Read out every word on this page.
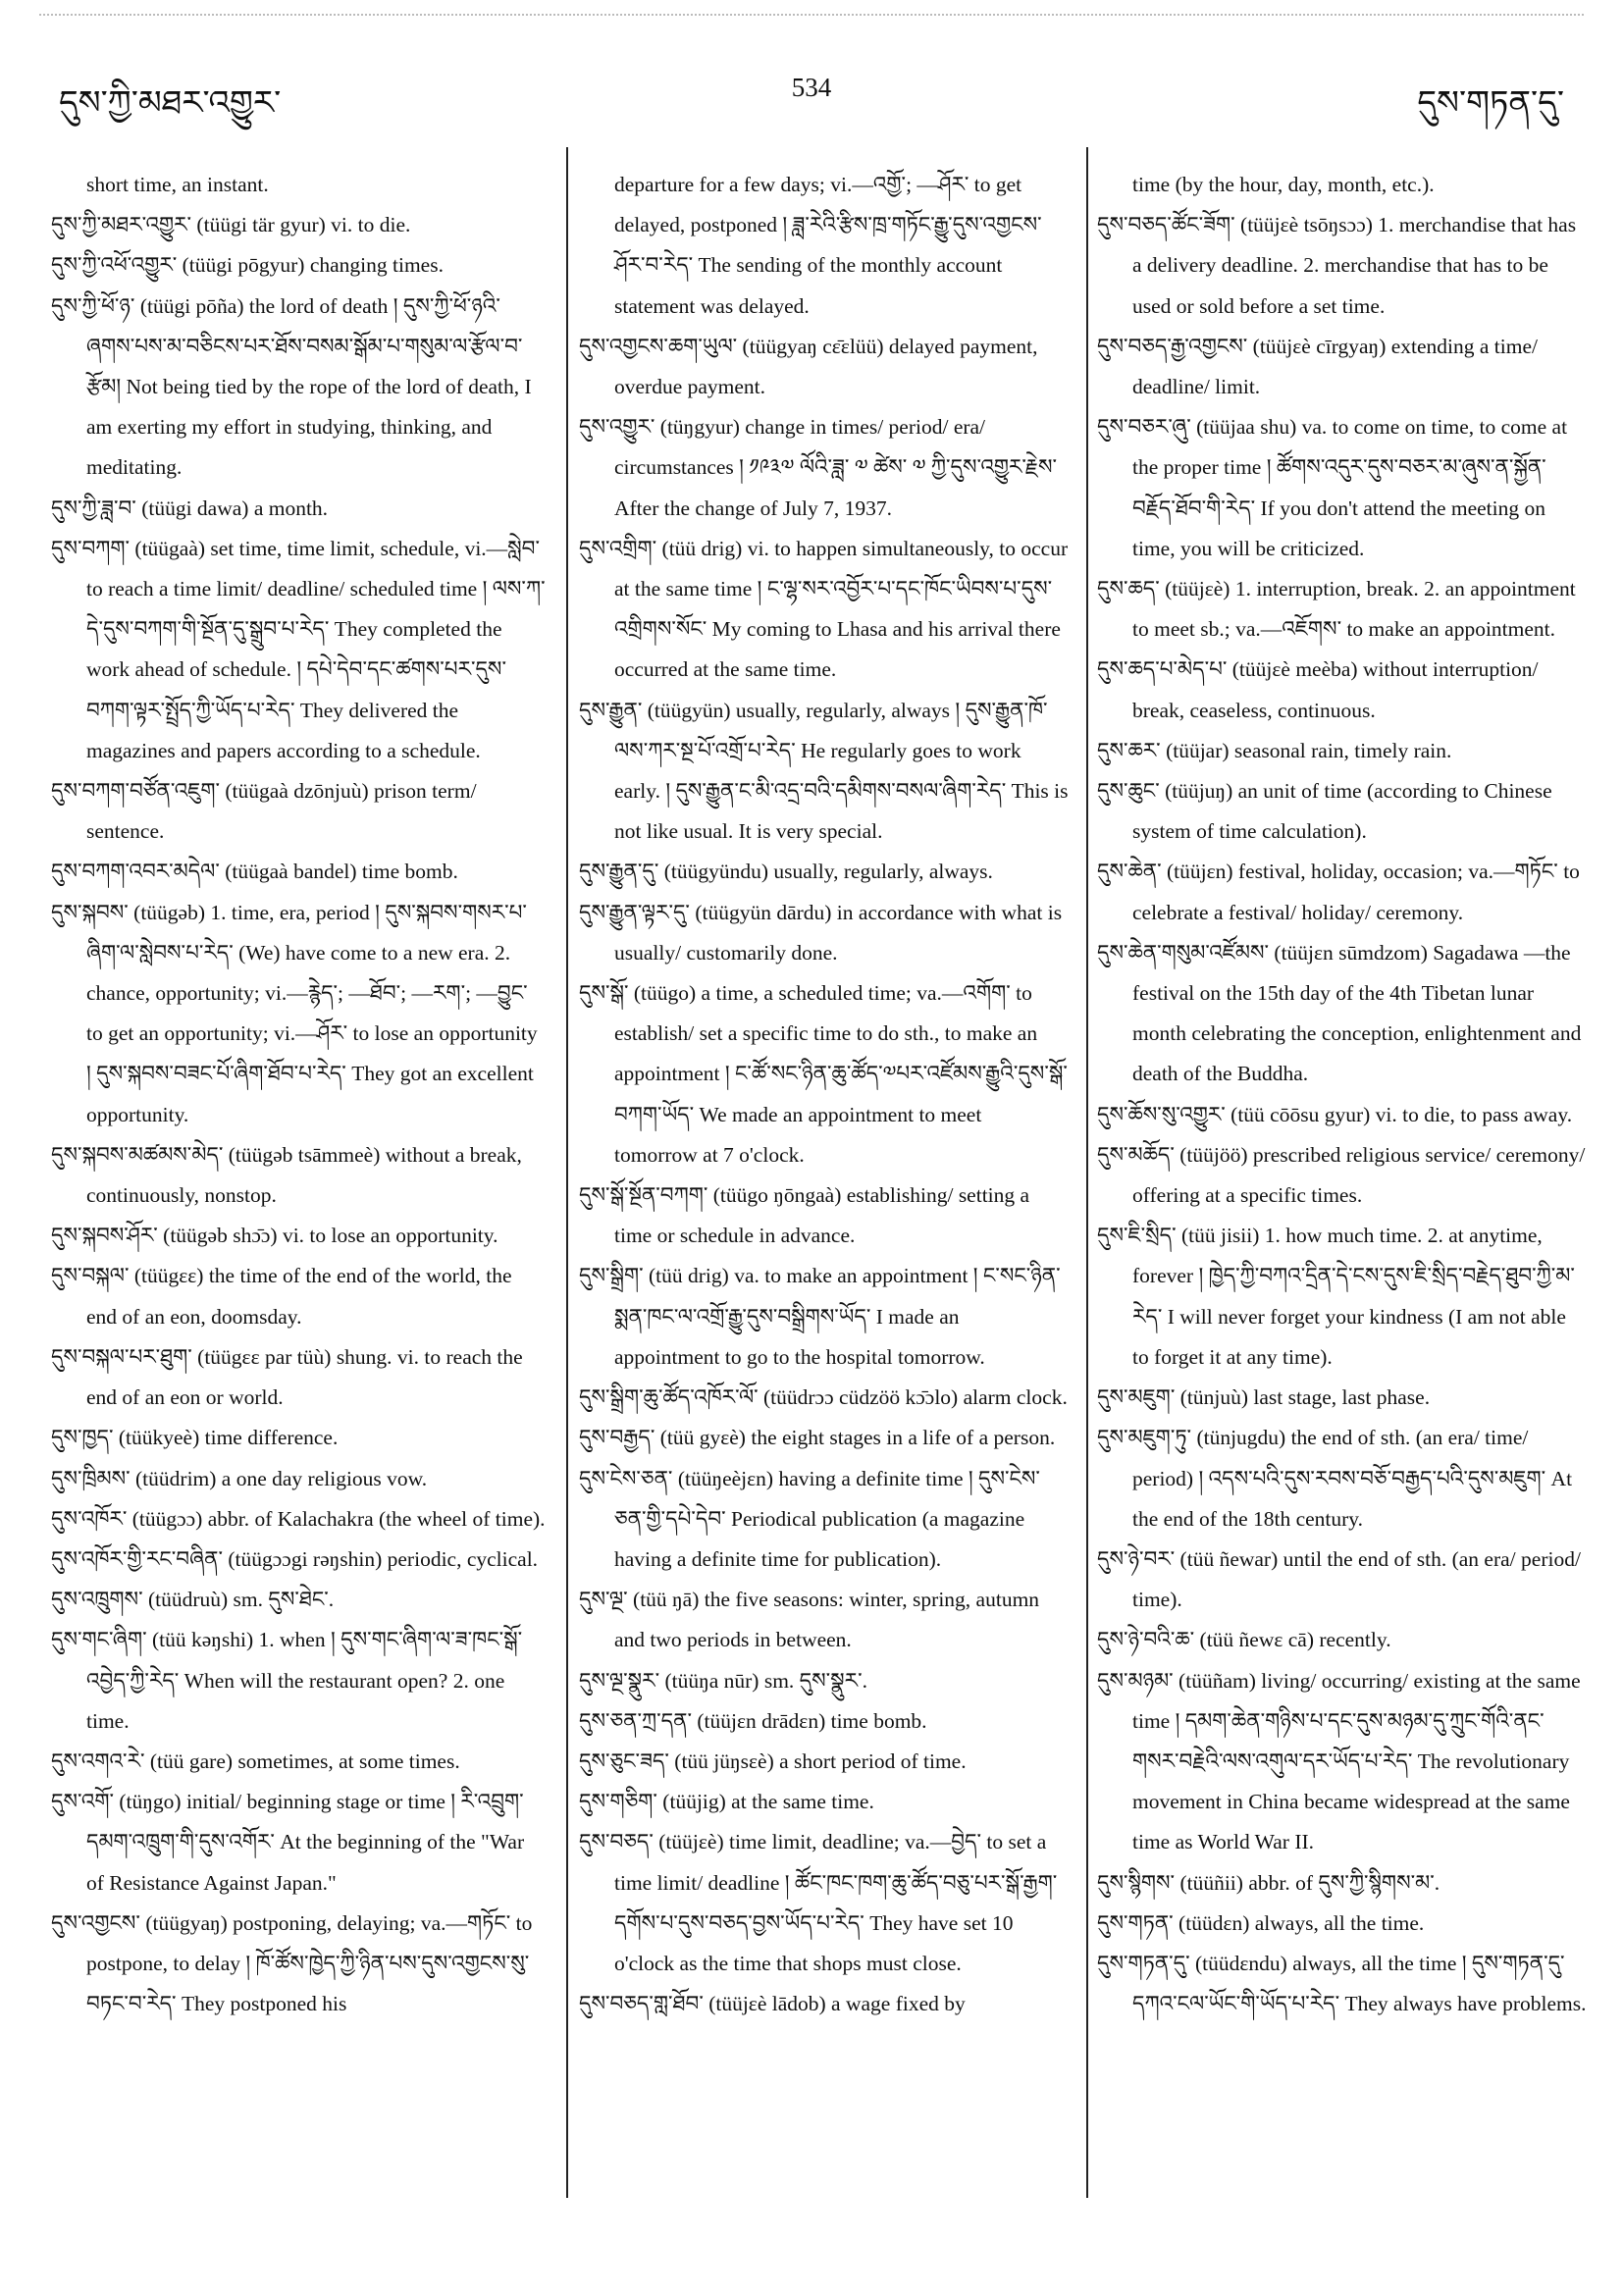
དུས་ཀྱི་མཐར་འགྱུར་	534	དུས་གཏན་དུ་

short time, an instant.

དུས་ཀྱི་མཐར་འགྱུར་ (tüügi tär gyur) vi. to die.

དུས་ཀྱི་འཕོ་འགྱུར་ (tüügi pōgyur) changing times.

དུས་ཀྱི་ཕོ་ཉ་ (tüügi pōña) the lord of death ། དུས་ཀྱི་ཕོ་ཉའི་ཞགས་པས་མ་བཅིངས་པར་ཐོས་བསམ་སྒོམ་པ་གསུམ་ལ་རྩོལ་བ་རྩོམ། Not being tied by the rope of the lord of death, I am exerting my effort in studying, thinking, and meditating.

དུས་ཀྱི་ཟླ་བ་ (tüügi dawa) a month.

དུས་བཀག་ (tüügaà) set time, time limit, schedule, vi.—སླེབ་ to reach a time limit/ deadline/ scheduled time ། ལས་ཀ་དེ་དུས་བཀག་གི་སྔོན་དུ་སྒྲུབ་པ་རེད་ They completed the work ahead of schedule. ། དཔེ་དེབ་དང་ཚགས་པར་དུས་བཀག་ལྟར་སྤྲོད་ཀྱི་ཡོད་པ་རེད་ They delivered the magazines and papers according to a schedule.

དུས་བཀག་བཙོན་འཇུག་ (tüügaà dzōnjuù) prison term/ sentence.

དུས་བཀག་འབར་མདེལ་ (tüügaà bandel) time bomb.

དུས་སྐབས་ (tüügəb) 1. time, era, period ། དུས་སྐབས་གསར་པ་ཞིག་ལ་སླེབས་པ་རེད་ (We) have come to a new era. 2. chance, opportunity; vi.—རྙེད་; —ཐོབ་; —རག་; —བྱུང་ to get an opportunity; vi.—ཤོར་ to lose an opportunity ། དུས་སྐབས་བཟང་པོ་ཞིག་ཐོབ་པ་རེད་ They got an excellent opportunity.

དུས་སྐབས་མཚམས་མེད་ (tüügəb tsāmmeè) without a break, continuously, nonstop.

དུས་སྐབས་ཤོར་ (tüügəb shɔ̄ɔ) vi. to lose an opportunity.

དུས་བསྐལ་ (tüügɛɛ) the time of the end of the world, the end of an eon, doomsday.

དུས་བསྐལ་པར་ཐུག་ (tüügɛɛ par tüù) shung. vi. to reach the end of an eon or world.

དུས་ཁྱད་ (tüükyeè) time difference.

དུས་ཁྲིམས་ (tüüdrim) a one day religious vow.

དུས་འཁོར་ (tüügɔɔ) abbr. of Kalachakra (the wheel of time).

དུས་འཁོར་གྱི་རང་བཞིན་ (tüügɔɔgi rəŋshin) periodic, cyclical.

དུས་འཁྲུགས་ (tüüdruù) sm. དུས་ཐེང་.

དུས་གང་ཞིག་ (tüü kəŋshi) 1. when ། དུས་གང་ཞིག་ལ་ཟ་ཁང་སྒོ་འབྱེད་ཀྱི་རེད་ When will the restaurant open? 2. one time.

དུས་འགའ་རེ་ (tüü gare) sometimes, at some times.

དུས་འགོ་ (tüŋgo) initial/ beginning stage or time ། རི་འབྲུག་དམག་འཁྲུག་གི་དུས་འགོར་ At the beginning of the "War of Resistance Against Japan."

དུས་འགྱངས་ (tüügyaŋ) postponing, delaying; va.—གཏོང་ to postpone, to delay ། ཁོ་ཚོས་ཁྱེད་ཀྱི་ཉིན་པས་དུས་འགྱངས་སུ་བཏང་བ་རེད་ They postponed his

departure for a few days; vi.—འགྱོ་; —ཤོར་ to get delayed, postponed ། ཟླ་རེའི་རྩིས་ཁྲ་གཏོང་རྒྱུ་དུས་འགྱངས་ཤོར་བ་རེད་ The sending of the monthly account statement was delayed.

དུས་འགྱངས་ཆག་ཡུལ་ (tüügyaŋ cɛ̄ɛlüü) delayed payment, overdue payment.

དུས་འགྱུར་ (tüŋgyur) change in times/ period/ era/ circumstances ། ༡༩༣༧ ལོའི་ཟླ་ ༧ ཚེས་ ༧ ཀྱི་དུས་འགྱུར་རྗེས་ After the change of July 7, 1937.

དུས་འགྲིག་ (tüü drig) vi. to happen simultaneously, to occur at the same time ། ང་ལྷ་སར་འབྱོར་པ་དང་ཁོང་ཡིབས་པ་དུས་འགྲིགས་སོང་ My coming to Lhasa and his arrival there occurred at the same time.

དུས་རྒྱུན་ (tüügyün) usually, regularly, always ། དུས་རྒྱུན་ཁོ་ལས་ཀར་སྔ་པོ་འགྲོ་པ་རེད་ He regularly goes to work early. ། དུས་རྒྱུན་ང་མི་འདྲ་བའི་དམིགས་བསལ་ཞིག་རེད་ This is not like usual. It is very special.

དུས་རྒྱུན་དུ་ (tüügyündu) usually, regularly, always.

དུས་རྒྱུན་ལྟར་དུ་ (tüügyün dārdu) in accordance with what is usually/ customarily done.

དུས་སྒོ་ (tüügo) a time, a scheduled time; va.—འགོག་ to establish/ set a specific time to do sth., to make an appointment ། ང་ཚོ་སང་ཉིན་ཆུ་ཚོད་༧པར་འཛོམས་རྒྱུའི་དུས་སྒོ་བཀག་ཡོད་ We made an appointment to meet tomorrow at 7 o'clock.

དུས་སྒོ་སྔོན་བཀག་ (tüügo ŋōngaà) establishing/ setting a time or schedule in advance.

དུས་སྒྲིག་ (tüü drig) va. to make an appointment ། ང་སང་ཉིན་སྨན་ཁང་ལ་འགྲོ་རྒྱུ་དུས་བསྒྲིགས་ཡོད་ I made an appointment to go to the hospital tomorrow.

དུས་སྒྲིག་ཆུ་ཚོད་འཁོར་ལོ་ (tüüdrɔɔ cüdzöö kɔ̄ɔlo) alarm clock.

དུས་བརྒྱད་ (tüü gyɛè) the eight stages in a life of a person.

དུས་ངེས་ཅན་ (tüüŋeèjɛn) having a definite time ། དུས་ངེས་ཅན་གྱི་དཔེ་དེབ་ Periodical publication (a magazine having a definite time for publication).

དུས་ལྔ་ (tüü ŋā) the five seasons: winter, spring, autumn and two periods in between.

དུས་ལྔ་སྣུར་ (tüüŋa nūr) sm. དུས་སྣུར་.

དུས་ཅན་ཀྲ་དན་ (tüüjɛn drādɛn) time bomb.

དུས་ཅུང་ཟད་ (tüü jüŋsɛè) a short period of time.

དུས་གཅིག་ (tüüjig) at the same time.

དུས་བཅད་ (tüüjɛè) time limit, deadline; va.—བྱེད་ to set a time limit/ deadline ། ཚོང་ཁང་ཁག་ཆུ་ཚོད་བཅུ་པར་སྒོ་རྒྱག་དགོས་པ་དུས་བཅད་བྱས་ཡོད་པ་རེད་ They have set 10 o'clock as the time that shops must close.

དུས་བཅད་གླ་ཐོབ་ (tüüjɛè lādob) a wage fixed by

time (by the hour, day, month, etc.).

དུས་བཅད་ཚོང་ཟོག་ (tüüjɛè tsōŋsɔɔ) 1. merchandise that has a delivery deadline. 2. merchandise that has to be used or sold before a set time.

དུས་བཅད་རྒྱ་འགྱངས་ (tüüjɛè cīrgyaŋ) extending a time/ deadline/ limit.

དུས་བཅར་ཞུ་ (tüüjaa shu) va. to come on time, to come at the proper time ། ཚོགས་འདུར་དུས་བཅར་མ་ཞུས་ན་སྐྱོན་བརྗོད་ཐོབ་གི་རེད་ If you don't attend the meeting on time, you will be criticized.

དུས་ཆད་ (tüüjɛè) 1. interruption, break. 2. an appointment to meet sb.; va.—འཇོགས་ to make an appointment.

དུས་ཆད་པ་མེད་པ་ (tüüjɛè meèba) without interruption/ break, ceaseless, continuous.

དུས་ཆར་ (tüüjar) seasonal rain, timely rain.

དུས་ཆུང་ (tüüjuŋ) an unit of time (according to Chinese system of time calculation).

དུས་ཆེན་ (tüüjɛn) festival, holiday, occasion; va.—གཏོང་ to celebrate a festival/ holiday/ ceremony.

དུས་ཆེན་གསུམ་འཛོམས་ (tüüjɛn sūmdzom) Sagadawa —the festival on the 15th day of the 4th Tibetan lunar month celebrating the conception, enlightenment and death of the Buddha.

དུས་ཆོས་སུ་འགྱུར་ (tüü cōōsu gyur) vi. to die, to pass away.

དུས་མཆོད་ (tüüjöö) prescribed religious service/ ceremony/ offering at a specific times.

དུས་ཇི་སྲིད་ (tüü jisii) 1. how much time. 2. at anytime, forever ། ཁྱེད་ཀྱི་བཀའ་དྲིན་དེ་ངས་དུས་ཇི་སྲིད་བརྗེད་ཐུབ་ཀྱི་མ་རེད་ I will never forget your kindness (I am not able to forget it at any time).

དུས་མཇུག་ (tünjuù) last stage, last phase.

དུས་མཇུག་ཏུ་ (tünjugdu) the end of sth. (an era/ time/ period) ། འདས་པའི་དུས་རབས་བཅོ་བརྒྱད་པའི་དུས་མཇུག་ At the end of the 18th century.

དུས་ཉེ་བར་ (tüü ñewar) until the end of sth. (an era/ period/ time).

དུས་ཉེ་བའི་ཆ་ (tüü ñewɛ cā) recently.

དུས་མཉམ་ (tüüñam) living/ occurring/ existing at the same time ། དམག་ཆེན་གཉིས་པ་དང་དུས་མཉམ་དུ་ཀྲུང་གོའི་ནང་གསར་བརྗེའི་ལས་འགུལ་དར་ཡོད་པ་རེད་ The revolutionary movement in China became widespread at the same time as World War II.

དུས་སྙིགས་ (tüüñii) abbr. of དུས་ཀྱི་སྙིགས་མ་.

དུས་གཏན་ (tüüdɛn) always, all the time.

དུས་གཏན་དུ་ (tüüdɛndu) always, all the time ། དུས་གཏན་དུ་དཀའ་ངལ་ཡོང་གི་ཡོད་པ་རེད་ They always have problems.
